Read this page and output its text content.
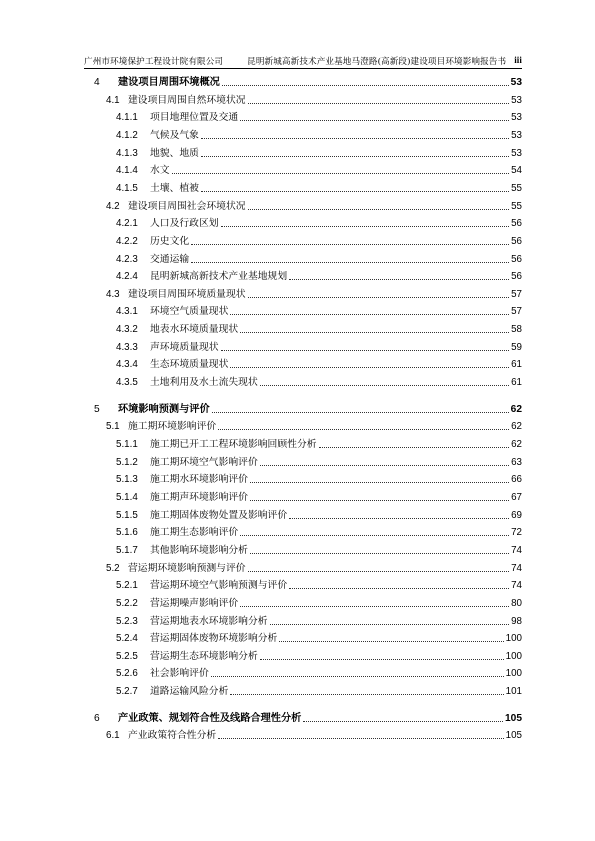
广州市环境保护工程设计院有限公司	昆明新城高新技术产业基地马澄路(高新段)建设项目环境影响报告书 iii
4	建设项目周围环境概况	53
4.1 建设项目周围自然环境状况	53
4.1.1	项目地理位置及交通	53
4.1.2	气候及气象	53
4.1.3	地貌、地质	53
4.1.4	水文	54
4.1.5	土壤、植被	55
4.2 建设项目周围社会环境状况	55
4.2.1	人口及行政区划	56
4.2.2	历史文化	56
4.2.3	交通运输	56
4.2.4	昆明新城高新技术产业基地规划	56
4.3 建设项目周围环境质量现状	57
4.3.1	环境空气质量现状	57
4.3.2	地表水环境质量现状	58
4.3.3	声环境质量现状	59
4.3.4	生态环境质量现状	61
4.3.5	土地利用及水土流失现状	61
5	环境影响预测与评价	62
5.1 施工期环境影响评价	62
5.1.1	施工期已开工工程环境影响回顾性分析	62
5.1.2	施工期环境空气影响评价	63
5.1.3	施工期水环境影响评价	66
5.1.4	施工期声环境影响评价	67
5.1.5	施工期固体废物处置及影响评价	69
5.1.6	施工期生态影响评价	72
5.1.7	其他影响环境影响分析	74
5.2 营运期环境影响预测与评价	74
5.2.1	营运期环境空气影响预测与评价	74
5.2.2	营运期噪声影响评价	80
5.2.3	营运期地表水环境影响分析	98
5.2.4	营运期固体废物环境影响分析	100
5.2.5	营运期生态环境影响分析	100
5.2.6	社会影响评价	100
5.2.7	道路运输风险分析	101
6	产业政策、规划符合性及线路合理性分析	105
6.1 产业政策符合性分析	105
